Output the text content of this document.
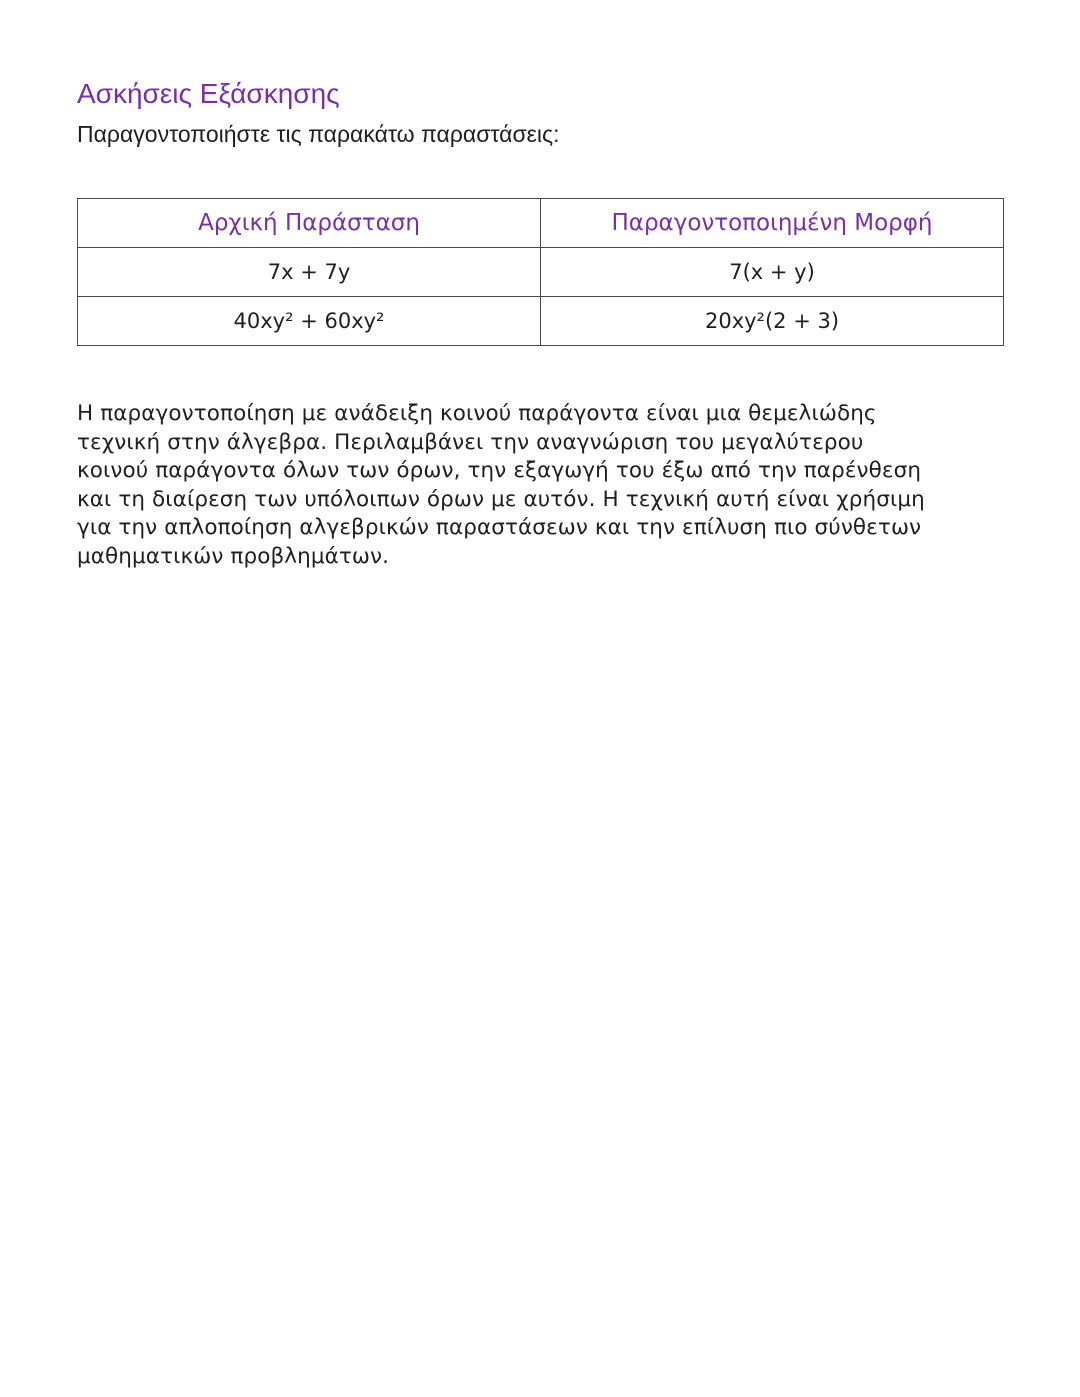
Ασκήσεις Εξάσκησης

Παραγοντοποιήστε τις παρακάτω παραστάσεις:

Αρχική Παράσταση	Παραγοντοποιημένη Μορφή
7x + 7y	7(x + y)
40xy² + 60xy²	20xy²(2 + 3)

Η παραγοντοποίηση με ανάδειξη κοινού παράγοντα είναι μια θεμελιώδης
τεχνική στην άλγεβρα. Περιλαμβάνει την αναγνώριση του μεγαλύτερου
κοινού παράγοντα όλων των όρων, την εξαγωγή του έξω από την παρένθεση
και τη διαίρεση των υπόλοιπων όρων με αυτόν. Η τεχνική αυτή είναι χρήσιμη
για την απλοποίηση αλγεβρικών παραστάσεων και την επίλυση πιο σύνθετων
μαθηματικών προβλημάτων.
